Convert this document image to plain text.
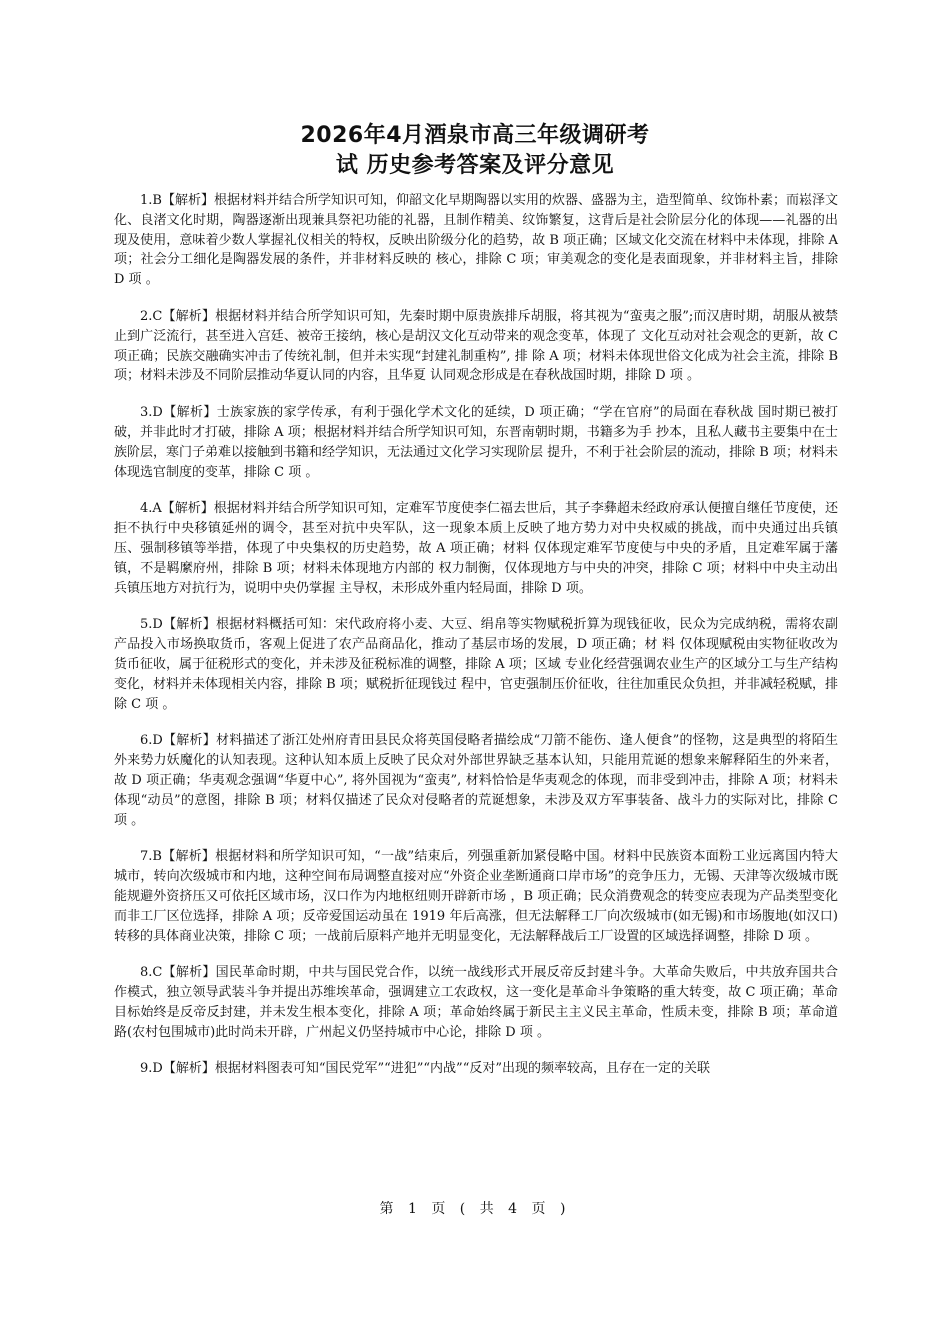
2026年4月酒泉市高三年级调研考
试 历史参考答案及评分意见

1.B【解析】根据材料并结合所学知识可知，仰韶文化早期陶器以实用的炊器、盛器为主，造型简单、纹饰朴素；而崧泽文化、良渚文化时期，陶器逐渐出现兼具祭祀功能的礼器，且制作精美、纹饰繁复，这背后是社会阶层分化的体现——礼器的出现及使用，意味着少数人掌握礼仪相关的特权，反映出阶级分化的趋势，故 B 项正确；区域文化交流在材料中未体现，排除 A 项；社会分工细化是陶器发展的条件，并非材料反映的 核心，排除 C 项；审美观念的变化是表面现象，并非材料主旨，排除 D 项 。

2.C【解析】根据材料并结合所学知识可知，先秦时期中原贵族排斥胡服，将其视为“蛮夷之服”;而汉唐时期，胡服从被禁止到广泛流行，甚至进入宫廷、被帝王接纳，核心是胡汉文化互动带来的观念变革，体现了 文化互动对社会观念的更新，故 C 项正确；民族交融确实冲击了传统礼制，但并未实现“封建礼制重构”, 排 除 A 项；材料未体现世俗文化成为社会主流，排除 B 项；材料未涉及不同阶层推动华夏认同的内容，且华夏 认同观念形成是在春秋战国时期，排除 D 项 。

3.D【解析】士族家族的家学传承，有利于强化学术文化的延续，D 项正确；“学在官府”的局面在春秋战 国时期已被打破，并非此时才打破，排除 A 项；根据材料并结合所学知识可知，东晋南朝时期，书籍多为手 抄本，且私人藏书主要集中在士族阶层，寒门子弟难以接触到书籍和经学知识，无法通过文化学习实现阶层 提升，不利于社会阶层的流动，排除 B 项；材料未体现选官制度的变革，排除 C 项 。

4.A【解析】根据材料并结合所学知识可知，定难军节度使李仁福去世后，其子李彝超未经政府承认便擅自继任节度使，还拒不执行中央移镇延州的调令，甚至对抗中央军队，这一现象本质上反映了地方势力对中央权威的挑战，而中央通过出兵镇压、强制移镇等举措，体现了中央集权的历史趋势，故 A 项正确；材料 仅体现定难军节度使与中央的矛盾，且定难军属于藩镇，不是羁縻府州，排除 B 项；材料未体现地方内部的 权力制衡，仅体现地方与中央的冲突，排除 C 项；材料中中央主动出兵镇压地方对抗行为，说明中央仍掌握 主导权，未形成外重内轻局面，排除 D 项。

5.D【解析】根据材料概括可知：宋代政府将小麦、大豆、绢帛等实物赋税折算为现钱征收，民众为完成纳税，需将农副产品投入市场换取货币，客观上促进了农产品商品化，推动了基层市场的发展，D 项正确；材 料 仅体现赋税由实物征收改为货币征收，属于征税形式的变化，并未涉及征税标准的调整，排除 A 项；区域 专业化经营强调农业生产的区域分工与生产结构变化，材料并未体现相关内容，排除 B 项；赋税折征现钱过 程中，官吏强制压价征收，往往加重民众负担，并非减轻税赋，排除 C 项 。

6.D【解析】材料描述了浙江处州府青田县民众将英国侵略者描绘成“刀箭不能伤、逢人便食”的怪物，这是典型的将陌生外来势力妖魔化的认知表现。这种认知本质上反映了民众对外部世界缺乏基本认知，只能用荒诞的想象来解释陌生的外来者，故 D 项正确；华夷观念强调“华夏中心”, 将外国视为“蛮夷”, 材料恰恰是华夷观念的体现，而非受到冲击，排除 A 项；材料未体现“动员”的意图，排除 B 项；材料仅描述了民众对侵略者的荒诞想象，未涉及双方军事装备、战斗力的实际对比，排除 C 项 。

7.B【解析】根据材料和所学知识可知，“一战”结束后，列强重新加紧侵略中国。材料中民族资本面粉工业远离国内特大城市，转向次级城市和内地，这种空间布局调整直接对应“外资企业垄断通商口岸市场”的竞争压力，无锡、天津等次级城市既能规避外资挤压又可依托区域市场，汉口作为内地枢纽则开辟新市场 ，B 项正确；民众消费观念的转变应表现为产品类型变化而非工厂区位选择，排除 A 项；反帝爱国运动虽在 1919 年后高涨，但无法解释工厂向次级城市(如无锡)和市场腹地(如汉口)转移的具体商业决策，排除 C 项；一战前后原料产地并无明显变化，无法解释战后工厂设置的区域选择调整，排除 D 项 。

8.C【解析】国民革命时期，中共与国民党合作，以统一战线形式开展反帝反封建斗争。大革命失败后，中共放弃国共合作模式，独立领导武装斗争并提出苏维埃革命，强调建立工农政权，这一变化是革命斗争策略的重大转变，故 C 项正确；革命目标始终是反帝反封建，并未发生根本变化，排除 A 项；革命始终属于新民主主义民主革命，性质未变，排除 B 项；革命道路(农村包围城市)此时尚未开辟，广州起义仍坚持城市中心论，排除 D 项 。

9.D【解析】根据材料图表可知“国民党军”“进犯”“内战”“反对”出现的频率较高，且存在一定的关联

第 1 页 ( 共 4 页 )
